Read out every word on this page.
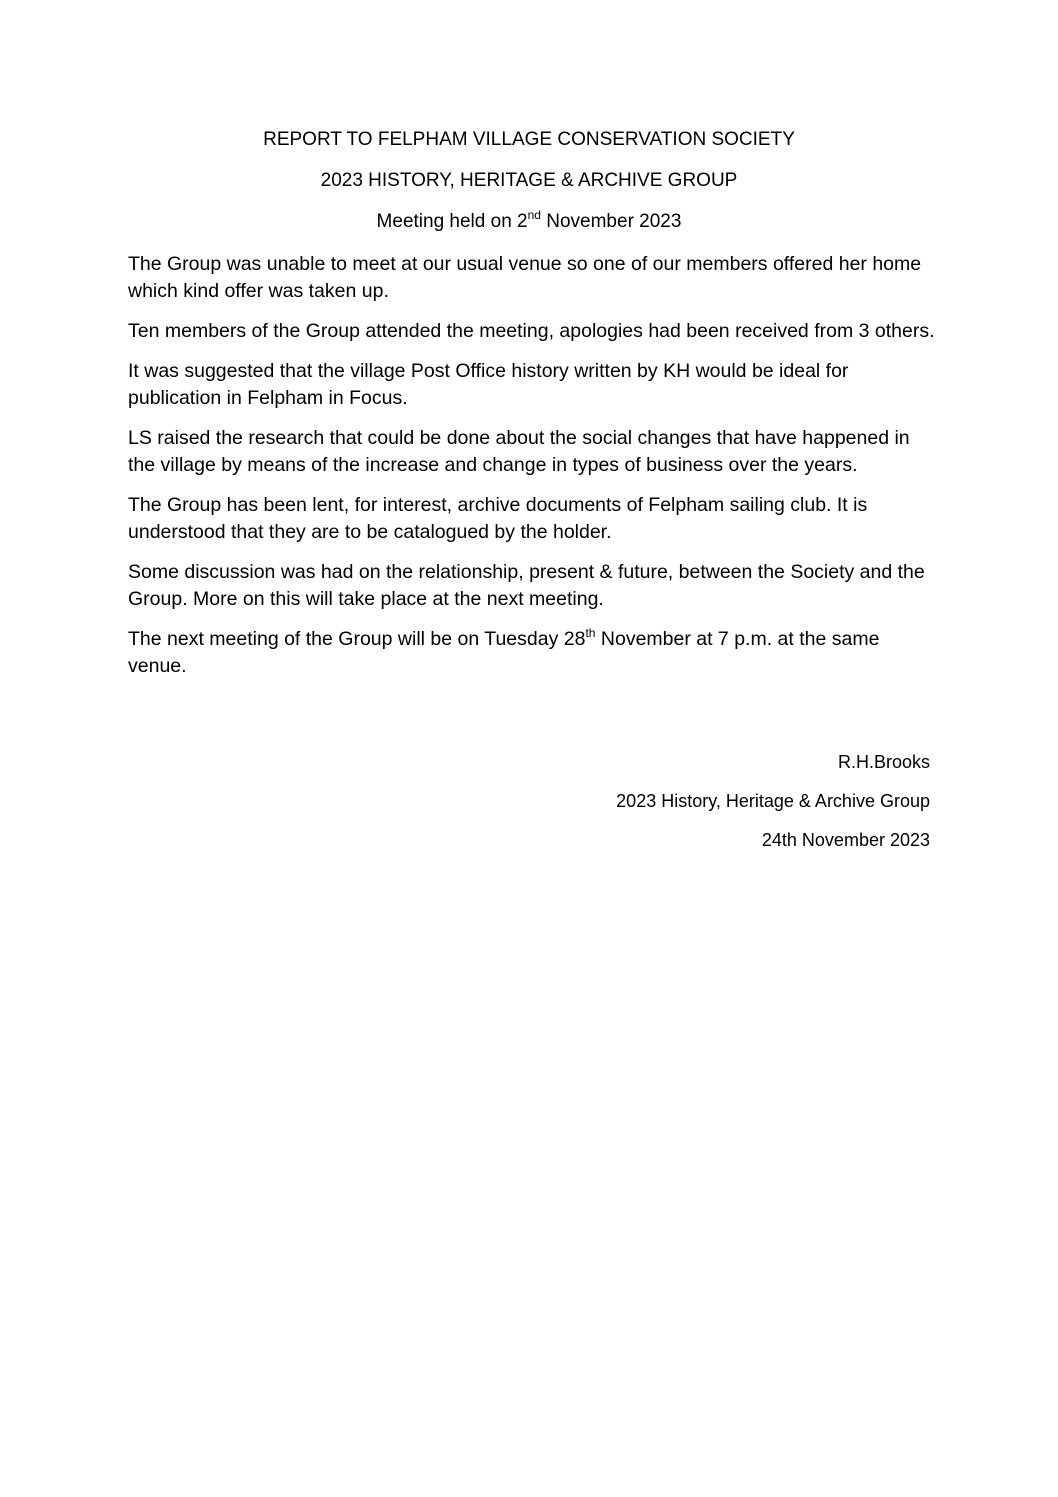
REPORT TO FELPHAM VILLAGE CONSERVATION SOCIETY

2023 HISTORY, HERITAGE & ARCHIVE GROUP

Meeting held on 2nd November 2023

The Group was unable to meet at our usual venue so one of our members offered her home which kind offer was taken up.

Ten members of the Group attended the meeting, apologies had been received from 3 others.

It was suggested that the village Post Office history written by KH would be ideal for publication in Felpham in Focus.

LS raised the research that could be done about the social changes that have happened in the village by means of the increase and change in types of business over the years.

The Group has been lent, for interest, archive documents of Felpham sailing club. It is understood that they are to be catalogued by the holder.

Some discussion was had on the relationship, present & future, between the Society and the Group. More on this will take place at the next meeting.

The next meeting of the Group will be on Tuesday 28th November at 7 p.m. at the same venue.

R.H.Brooks

2023 History, Heritage & Archive Group

24th November 2023
